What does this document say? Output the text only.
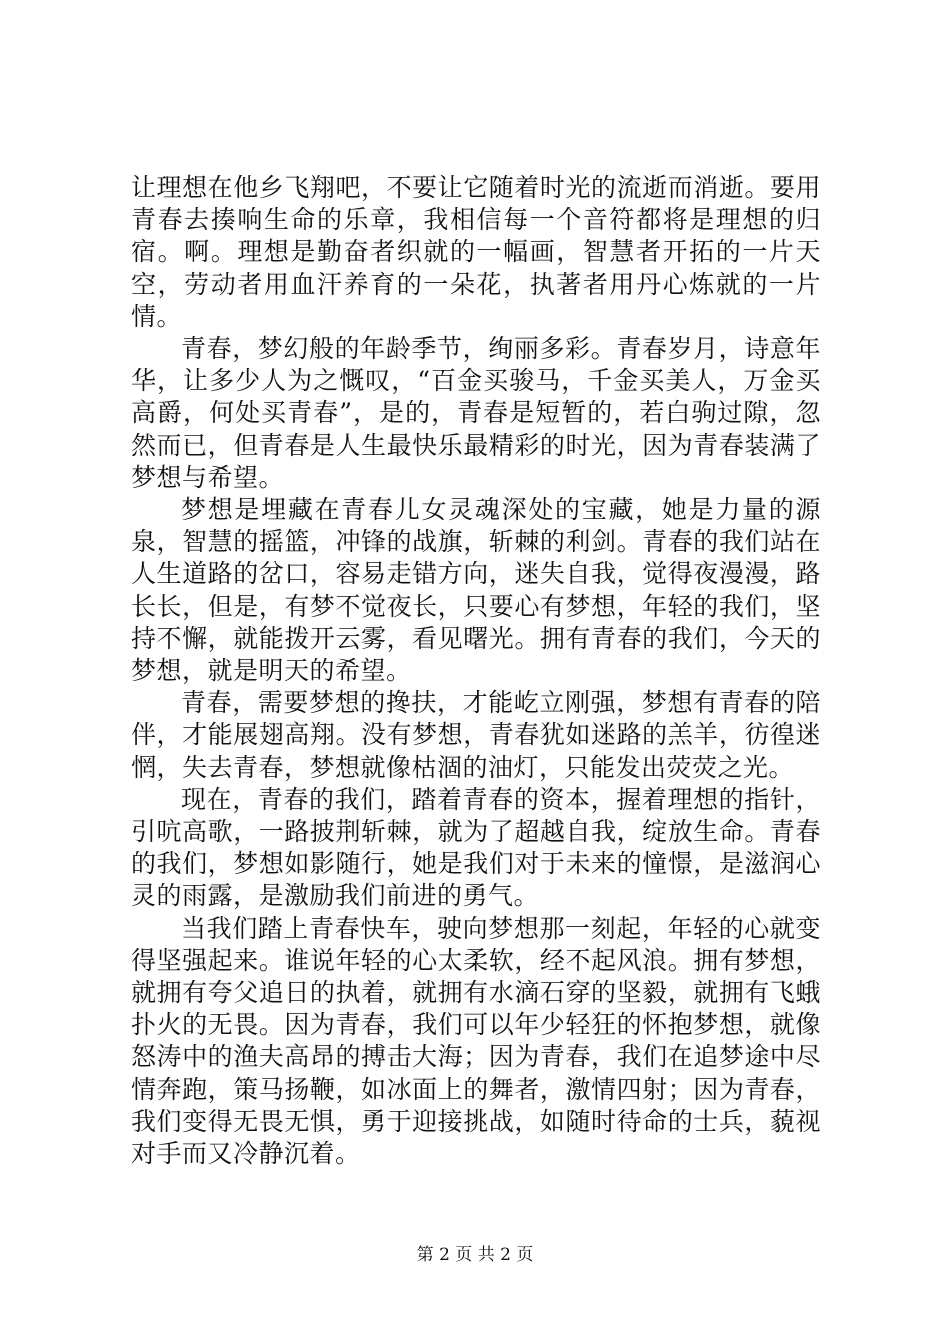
让理想在他乡飞翔吧，不要让它随着时光的流逝而消逝。要用青春去揍响生命的乐章，我相信每一个音符都将是理想的归宿。啊。理想是勤奋者织就的一幅画，智慧者开拓的一片天空，劳动者用血汗养育的一朵花，执著者用丹心炼就的一片情。

青春，梦幻般的年龄季节，绚丽多彩。青春岁月，诗意年华，让多少人为之慨叹，“百金买骏马，千金买美人，万金买高爵，何处买青春”，是的，青春是短暂的，若白驹过隙，忽然而已，但青春是人生最快乐最精彩的时光，因为青春装满了梦想与希望。

梦想是埋藏在青春儿女灵魂深处的宝藏，她是力量的源泉，智慧的摇篮，冲锋的战旗，斩棘的利剑。青春的我们站在人生道路的岔口，容易走错方向，迷失自我，觉得夜漫漫，路长长，但是，有梦不觉夜长，只要心有梦想，年轻的我们，坚持不懈，就能拨开云雾，看见曙光。拥有青春的我们，今天的梦想，就是明天的希望。

青春，需要梦想的搀扶，才能屹立刚强，梦想有青春的陪伴，才能展翅高翔。没有梦想，青春犹如迷路的羔羊，彷徨迷惘，失去青春，梦想就像枯涸的油灯，只能发出荧荧之光。

现在，青春的我们，踏着青春的资本，握着理想的指针，引吭高歌，一路披荆斩棘，就为了超越自我，绽放生命。青春的我们，梦想如影随行，她是我们对于未来的憧憬，是滋润心灵的雨露，是激励我们前进的勇气。

当我们踏上青春快车，驶向梦想那一刻起，年轻的心就变得坚强起来。谁说年轻的心太柔软，经不起风浪。拥有梦想，就拥有夸父追日的执着，就拥有水滴石穿的坚毅，就拥有飞蛾扑火的无畏。因为青春，我们可以年少轻狂的怀抱梦想，就像怒涛中的渔夫高昂的搏击大海；因为青春，我们在追梦途中尽情奔跑，策马扬鞭，如冰面上的舞者，激情四射；因为青春，我们变得无畏无惧，勇于迎接挑战，如随时待命的士兵，藐视对手而又冷静沉着。

第 2 页 共 2 页
